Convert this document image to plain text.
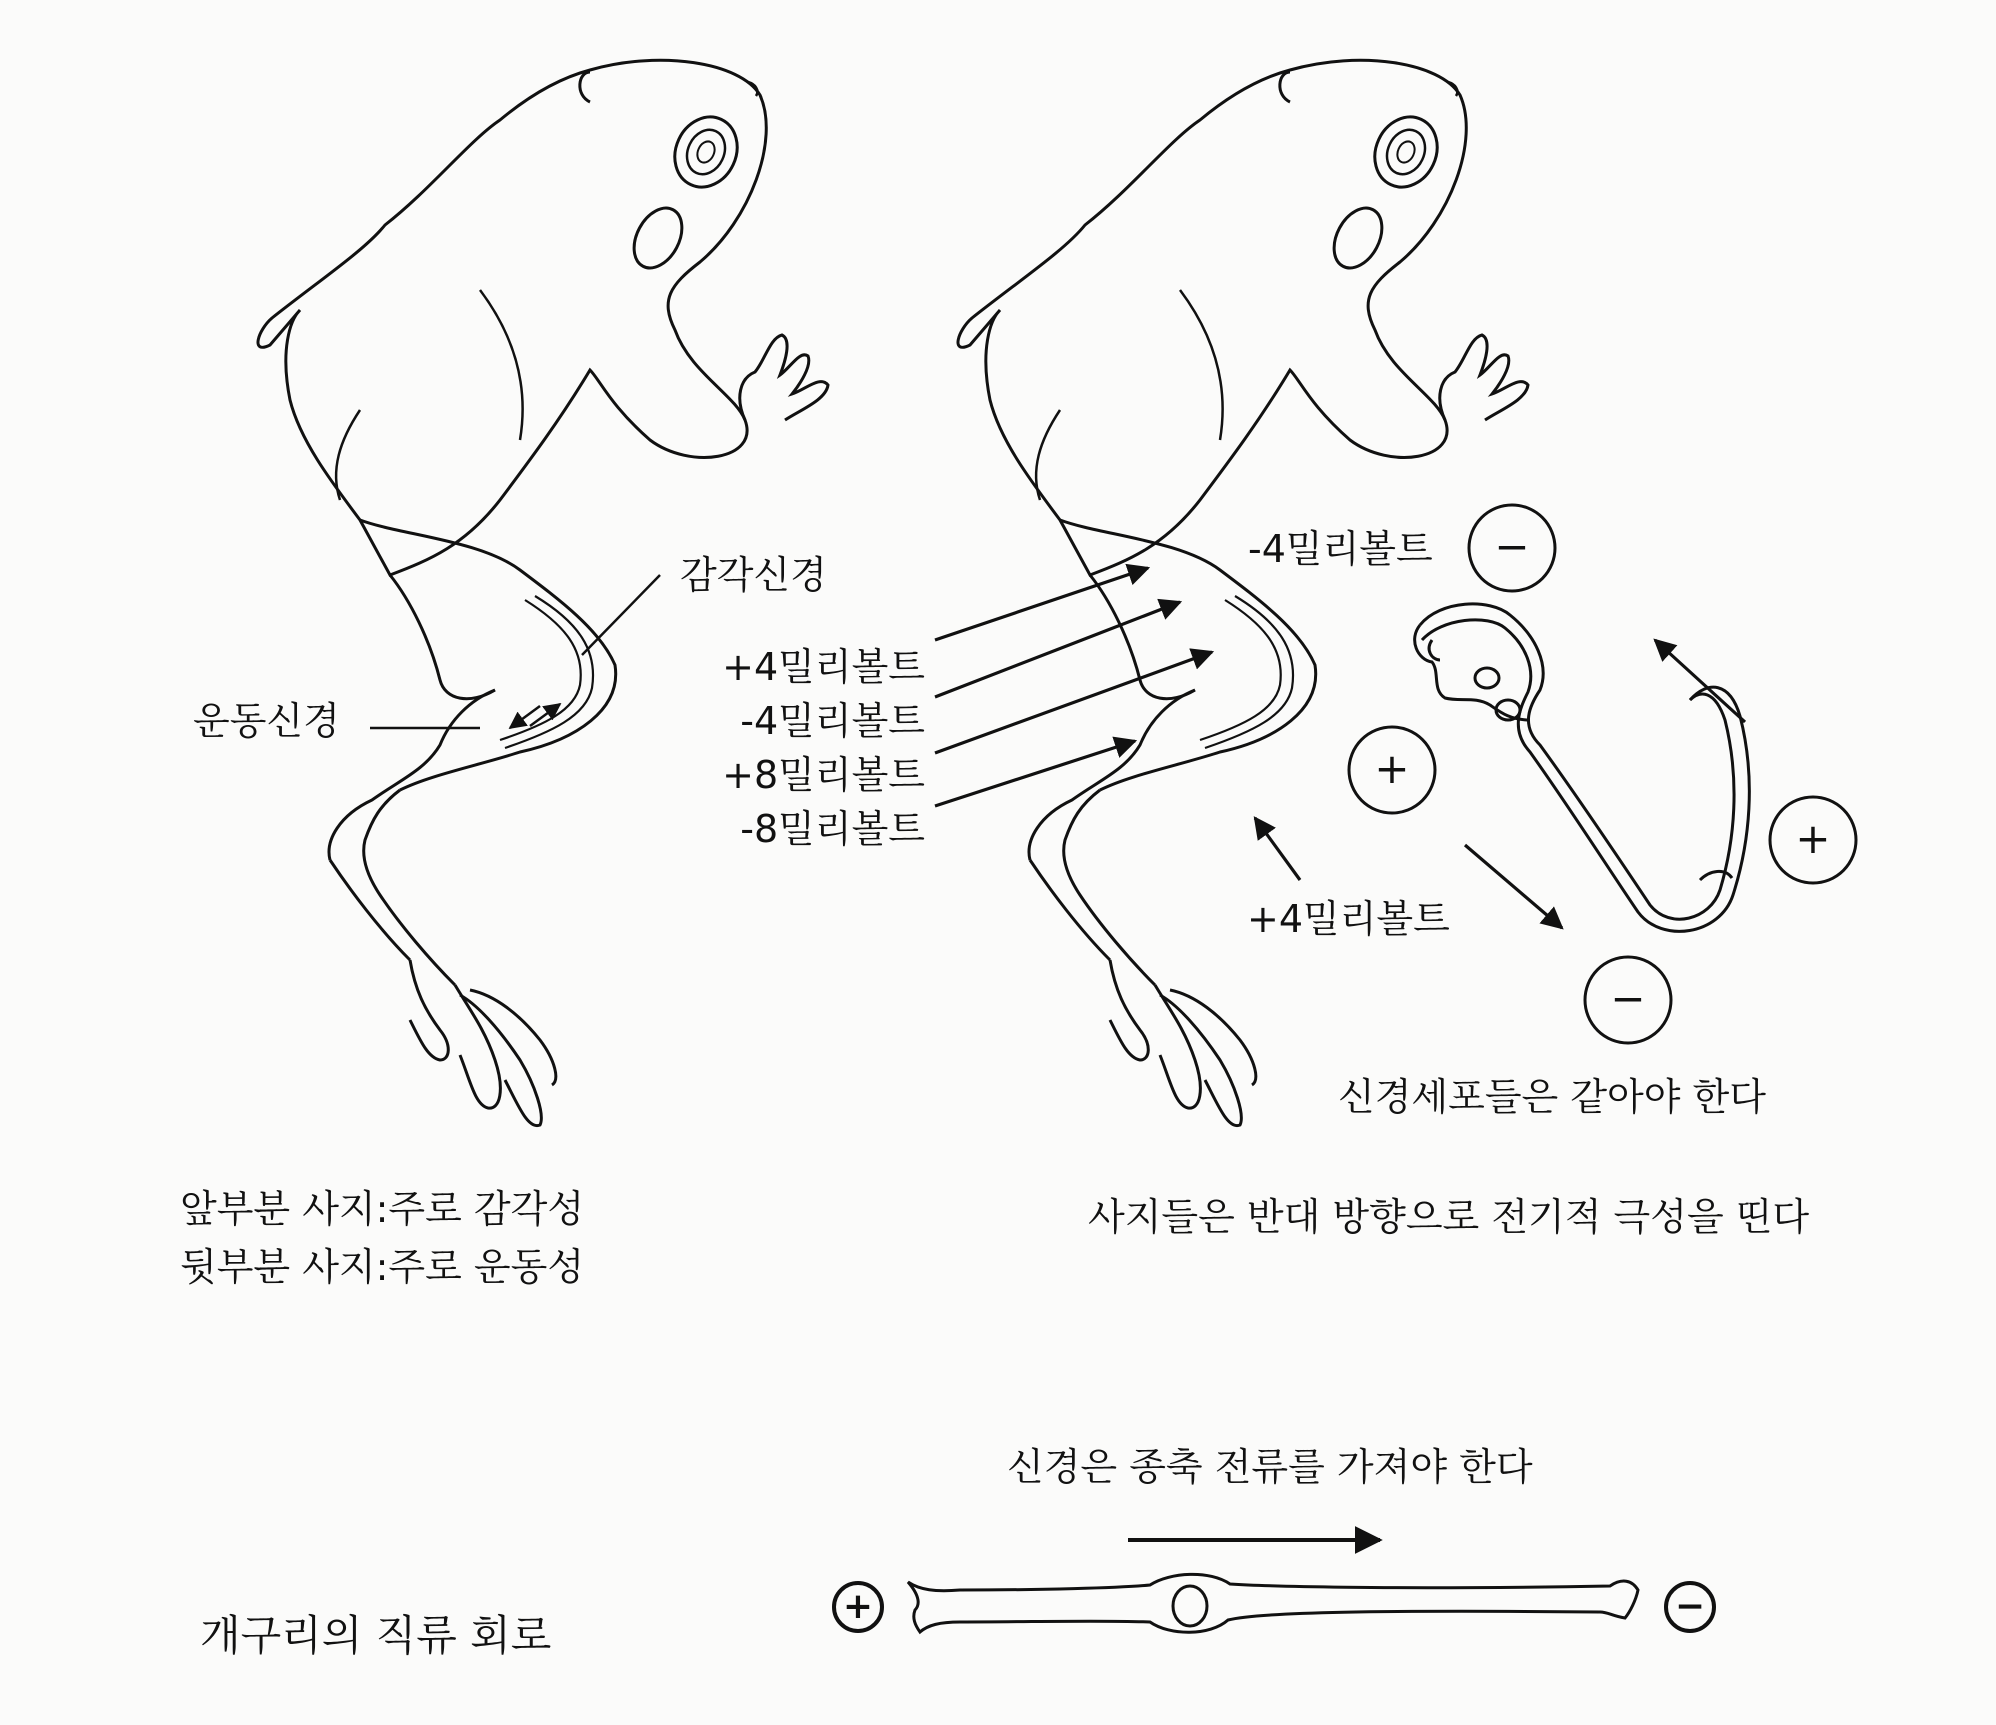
감각신경
운동신경
+4밀리볼트
-4밀리볼트
+8밀리볼트
-8밀리볼트
-4밀리볼트
+4밀리볼트
신경세포들은 같아야 한다
앞부분 사지:주로 감각성
뒷부분 사지:주로 운동성
사지들은 반대 방향으로 전기적 극성을 띤다
신경은 종축 전류를 가져야 한다
개구리의 직류 회로
−
+
+
−
+	−
